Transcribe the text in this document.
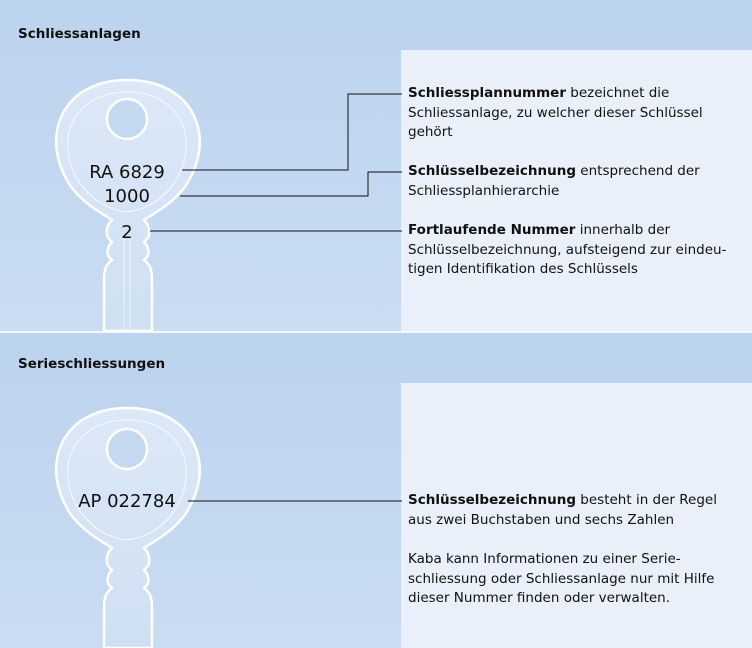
Schliessanlagen
RA 6829
1000
2
Schliessplannummer bezeichnet die Schliessanlage, zu welcher dieser Schlüssel gehört
Schlüsselbezeichnung entsprechend der Schliessplanhierarchie
Fortlaufende Nummer innerhalb der Schlüsselbezeichnung, aufsteigend zur eindeu-tigen Identifikation des Schlüssels
Serieschliessungen
AP 022784	Schlüsselbezeichnung besteht in der Regel aus zwei Buchstaben und sechs Zahlen
Kaba kann Informationen zu einer Serie-schliessung oder Schliessanlage nur mit Hilfe dieser Nummer finden oder verwalten.
